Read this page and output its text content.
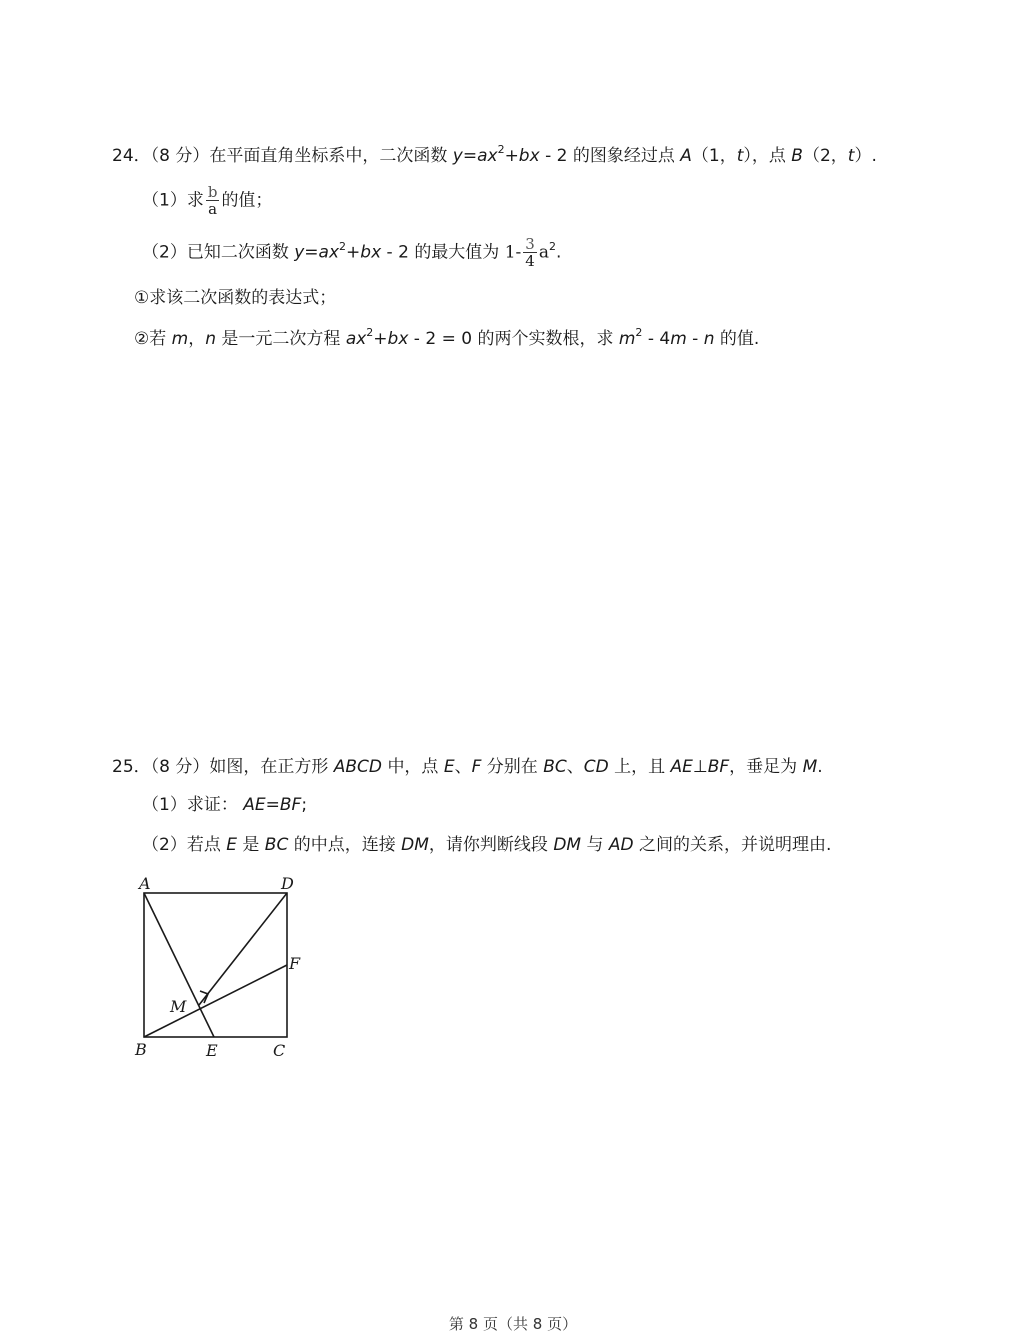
24．（8 分）在平面直角坐标系中，二次函数 $y=ax^2+bx - 2$ 的图象经过点 A（1，t），点 B（2，t）.
（1）求 $\frac{b}{a}$ 的值；
（2）已知二次函数 $y=ax^2+bx - 2$ 的最大值为 $1- \frac{3}{4} a^2$.
①求该二次函数的表达式；
②若 m，n 是一元二次方程 $ax^2+bx - 2 = 0$ 的两个实数根，求 $m^2 - 4m$ - n 的值.
25．（8 分）如图，在正方形 ABCD 中，点 E、F 分别在 BC、CD 上，且 AE⊥BF，垂足为 M.
（1）求证： AE=BF;
（2）若点 E 是 BC 的中点，连接 DM，请你判断线段 DM 与 AD 之间的关系，并说明理由.
A	D
F
M
B	E	C
第 8 页（共 8 页）
